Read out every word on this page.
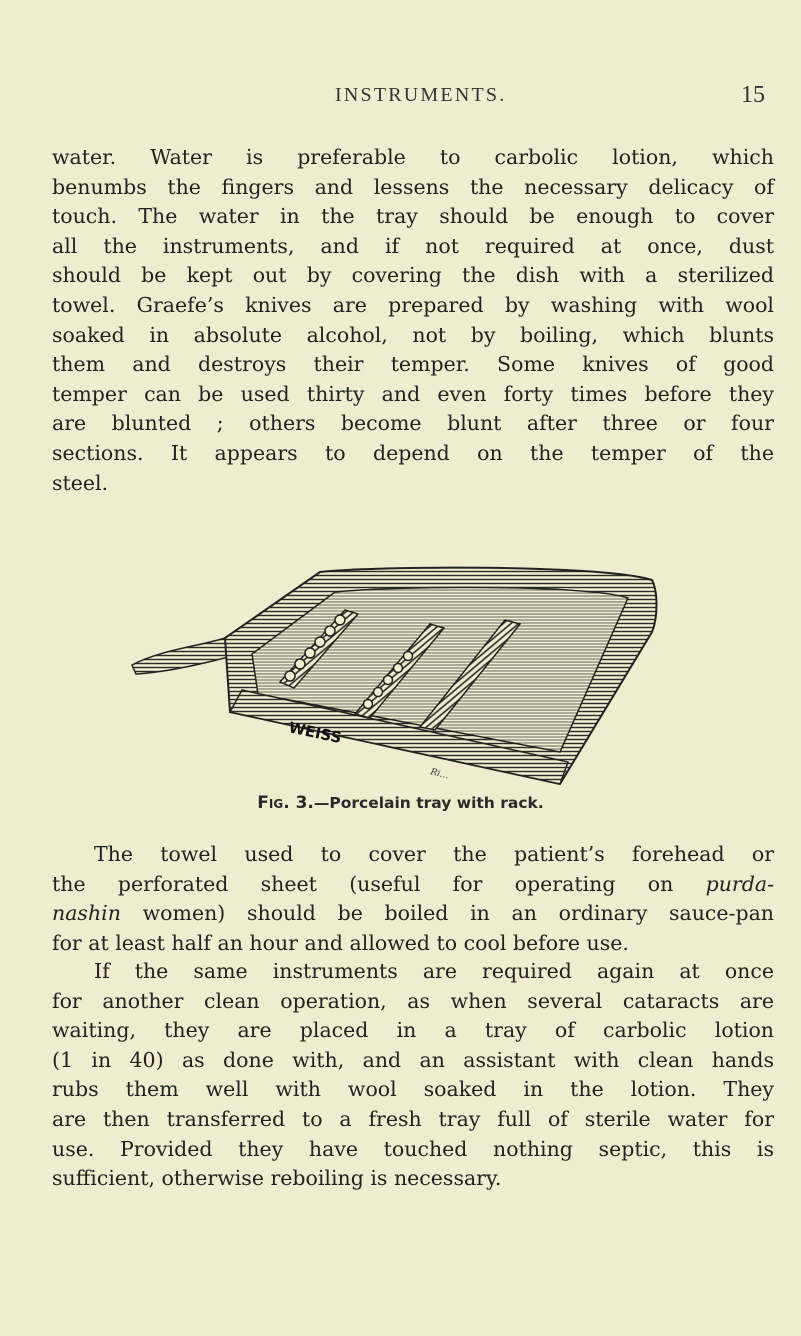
INSTRUMENTS.	15
water. Water is preferable to carbolic lotion, which
benumbs the fingers and lessens the necessary delicacy of
touch. The water in the tray should be enough to cover
all the instruments, and if not required at once, dust
should be kept out by covering the dish with a sterilized
towel. Graefe’s knives are prepared by washing with wool
soaked in absolute alcohol, not by boiling, which blunts
them and destroys their temper. Some knives of good
temper can be used thirty and even forty times before they
are blunted ; others become blunt after three or four
sections. It appears to depend on the temper of the
steel.
WEISS
Ri…
Fig. 3.—Porcelain tray with rack.
The towel used to cover the patient’s forehead or
the perforated sheet (useful for operating on purda-
nashin women) should be boiled in an ordinary sauce-pan
for at least half an hour and allowed to cool before use.
If the same instruments are required again at once
for another clean operation, as when several cataracts are
waiting, they are placed in a tray of carbolic lotion
(1 in 40) as done with, and an assistant with clean hands
rubs them well with wool soaked in the lotion. They
are then transferred to a fresh tray full of sterile water for
use. Provided they have touched nothing septic, this is
sufficient, otherwise reboiling is necessary.
